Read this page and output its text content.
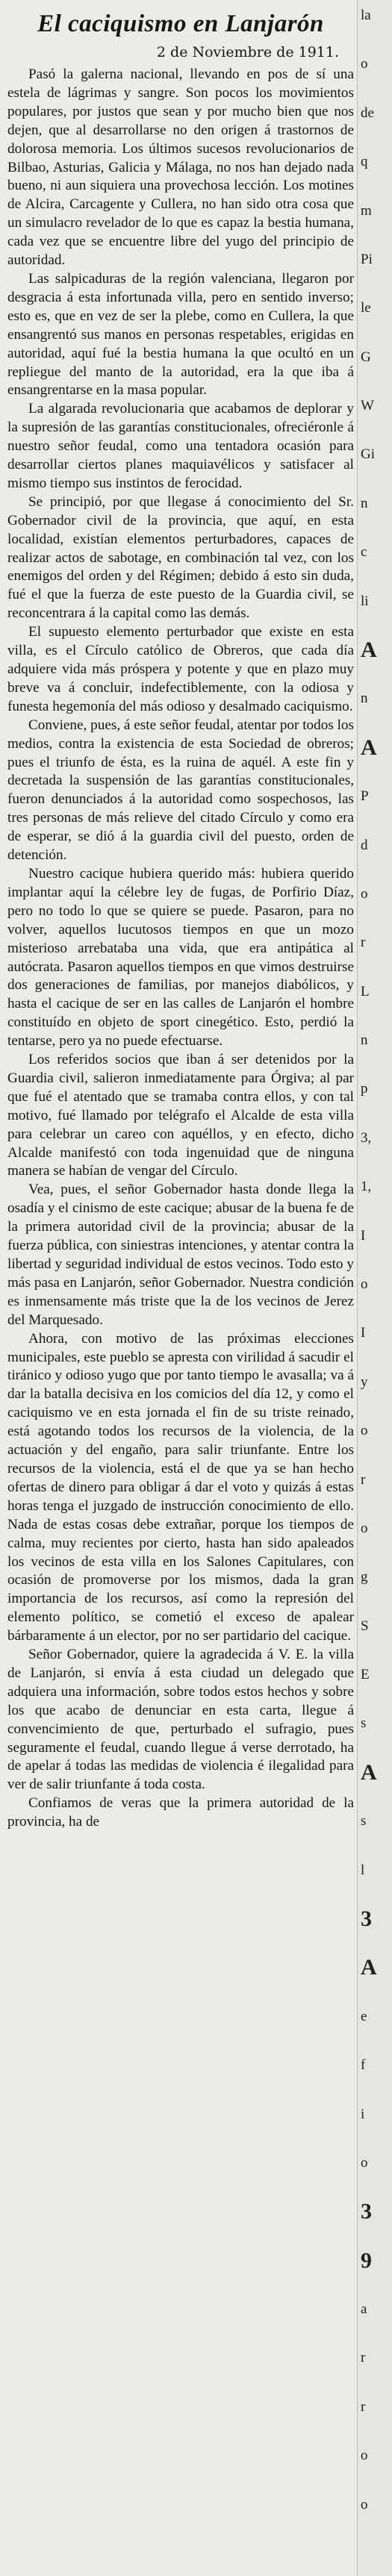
El caciquismo en Lanjarón
2 de Noviembre de 1911.

Pasó la galerna nacional, llevando en pos de sí una estela de lágrimas y sangre. Son pocos los movimientos populares, por justos que sean y por mucho bien que nos dejen, que al desarrollarse no den origen á trastornos de dolorosa memoria. Los últimos sucesos revolucionarios de Bilbao, Asturias, Galicia y Málaga, no nos han dejado nada bueno, ni aun siquiera una provechosa lección. Los motines de Alcira, Carcagente y Cullera, no han sido otra cosa que un simulacro revelador de lo que es capaz la bestia humana, cada vez que se encuentre libre del yugo del principio de autoridad.

Las salpicaduras de la región valenciana, llegaron por desgracia á esta infortunada villa, pero en sentido inverso; esto es, que en vez de ser la plebe, como en Cullera, la que ensangrentó sus manos en personas respetables, erigidas en autoridad, aquí fué la bestia humana la que ocultó en un repliegue del manto de la autoridad, era la que iba á ensangrentarse en la masa popular.

La algarada revolucionaria que acabamos de deplorar y la supresión de las garantías constitucionales, ofreciéronle á nuestro señor feudal, como una tentadora ocasión para desarrollar ciertos planes maquiavélicos y satisfacer al mismo tiempo sus instintos de ferocidad.

Se principió, por que llegase á conocimiento del Sr. Gobernador civil de la provincia, que aquí, en esta localidad, existían elementos perturbadores, capaces de realizar actos de sabotage, en combinación tal vez, con los enemigos del orden y del Régimen; debido á esto sin duda, fué el que la fuerza de este puesto de la Guardia civil, se reconcentrara á la capital como las demás.

El supuesto elemento perturbador que existe en esta villa, es el Círculo católico de Obreros, que cada día adquiere vida más próspera y potente y que en plazo muy breve va á concluir, indefectiblemente, con la odiosa y funesta hegemonía del más odioso y desalmado caciquismo.

Conviene, pues, á este señor feudal, atentar por todos los medios, contra la existencia de esta Sociedad de obreros; pues el triunfo de ésta, es la ruina de aquél. A este fin y decretada la suspensión de las garantías constitucionales, fueron denunciados á la autoridad como sospechosos, las tres personas de más relieve del citado Círculo y como era de esperar, se dió á la guardia civil del puesto, orden de detención.

Nuestro cacique hubiera querido más: hubiera querido implantar aquí la célebre ley de fugas, de Porfirio Díaz, pero no todo lo que se quiere se puede. Pasaron, para no volver, aquellos lucutosos tiempos en que un mozo misterioso arrebataba una vida, que era antipática al autócrata. Pasaron aquellos tiempos en que vimos destruirse dos generaciones de familias, por manejos diabólicos, y hasta el cacique de ser en las calles de Lanjarón el hombre constituído en objeto de sport cinegético. Esto, perdió la tentarse, pero ya no puede efectuarse.

Los referidos socios que iban á ser detenidos por la Guardia civil, salieron inmediatamente para Órgiva; al par que fué el atentado que se tramaba contra ellos, y con tal motivo, fué llamado por telégrafo el Alcalde de esta villa para celebrar un careo con aquéllos, y en efecto, dicho Alcalde manifestó con toda ingenuidad que de ninguna manera se habían de vengar del Círculo.

Vea, pues, el señor Gobernador hasta donde llega la osadía y el cinismo de este cacique; abusar de la buena fe de la primera autoridad civil de la provincia; abusar de la fuerza pública, con siniestras intenciones, y atentar contra la libertad y seguridad individual de estos vecinos. Todo esto y más pasa en Lanjarón, señor Gobernador. Nuestra condición es inmensamente más triste que la de los vecinos de Jerez del Marquesado.

Ahora, con motivo de las próximas elecciones municipales, este pueblo se apresta con virilidad á sacudir el tiránico y odioso yugo que por tanto tiempo le avasalla; va á dar la batalla decisiva en los comicios del día 12, y como el caciquismo ve en esta jornada el fin de su triste reinado, está agotando todos los recursos de la violencia, de la actuación y del engaño, para salir triunfante. Entre los recursos de la violencia, está el de que ya se han hecho ofertas de dinero para obligar á dar el voto y quizás á estas horas tenga el juzgado de instrucción conocimiento de ello. Nada de estas cosas debe extrañar, porque los tiempos de calma, muy recientes por cierto, hasta han sido apaleados los vecinos de esta villa en los Salones Capitulares, con ocasión de promoverse por los mismos, dada la gran importancia de los recursos, así como la represión del elemento político, se cometió el exceso de apalear bárbaramente á un elector, por no ser partidario del cacique.

Señor Gobernador, quiere la agradecida á V. E. la villa de Lanjarón, si envía á esta ciudad un delegado que adquiera una información, sobre todos estos hechos y sobre los que acabo de denunciar en esta carta, llegue á convencimiento de que, perturbado el sufragio, pues seguramente el feudal, cuando llegue á verse derrotado, ha de apelar á todas las medidas de violencia é ilegalidad para ver de salir triunfante á toda costa.

Confiamos de veras que la primera autoridad de la provincia, ha de

la
o
de
q
m
Pi
le
G
W
Gi
n
c
li
A
n
A
P
d
o
r
L
n
p
3,
1,
I
o
I
y
o
r
o
g
S
E
s
A
s
l
3
A
e
f
i
o
3
9
a
r
r
o
o
